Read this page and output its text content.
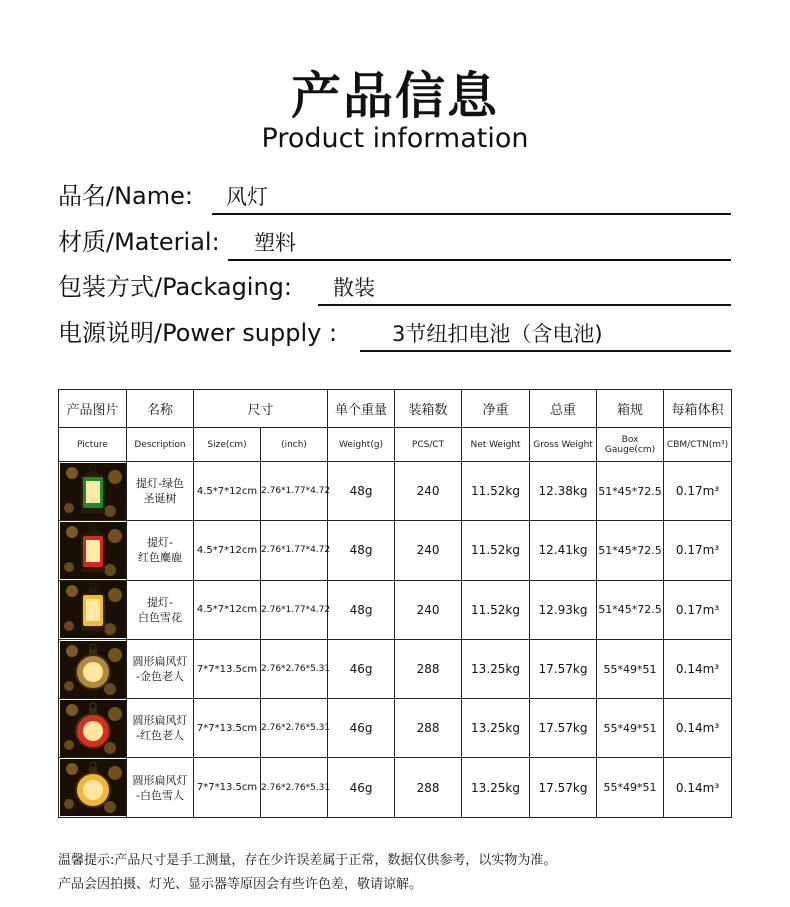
产品信息
Product information
品名/Name: 风灯
材质/Material: 塑料
包装方式/Packaging: 散装
电源说明/Power supply :	3节纽扣电池（含电池)
产品图片	名称	尺寸		单个重量	装箱数	净重	总重	箱规	每箱体积
Picture	Description	Size(cm)	(inch)	Weight(g)	PCS/CT	Net Weight	Gross Weight	Box Gauge(cm)	CBM/CTN(m³)

	提灯-绿色
圣诞树	4.5*7*12cm	2.76*1.77*4.72	48g	240	11.52kg	12.38kg	51*45*72.5	0.17m³

	提灯-
红色麋鹿	4.5*7*12cm	2.76*1.77*4.72	48g	240	11.52kg	12.41kg	51*45*72.5	0.17m³

	提灯-
白色雪花	4.5*7*12cm	2.76*1.77*4.72	48g	240	11.52kg	12.93kg	51*45*72.5	0.17m³

	圆形扁风灯
-金色老人	7*7*13.5cm	2.76*2.76*5.31	46g	288	13.25kg	17.57kg	55*49*51	0.14m³

	圆形扁风灯
-红色老人	7*7*13.5cm	2.76*2.76*5.31	46g	288	13.25kg	17.57kg	55*49*51	0.14m³

	圆形扁风灯
-白色雪人	7*7*13.5cm	2.76*2.76*5.31	46g	288	13.25kg	17.57kg	55*49*51	0.14m³
温馨提示:产品尺寸是手工测量，存在少许误差属于正常，数据仅供参考，以实物为准。
产品会因拍摄、灯光、显示器等原因会有些许色差，敬请谅解。
